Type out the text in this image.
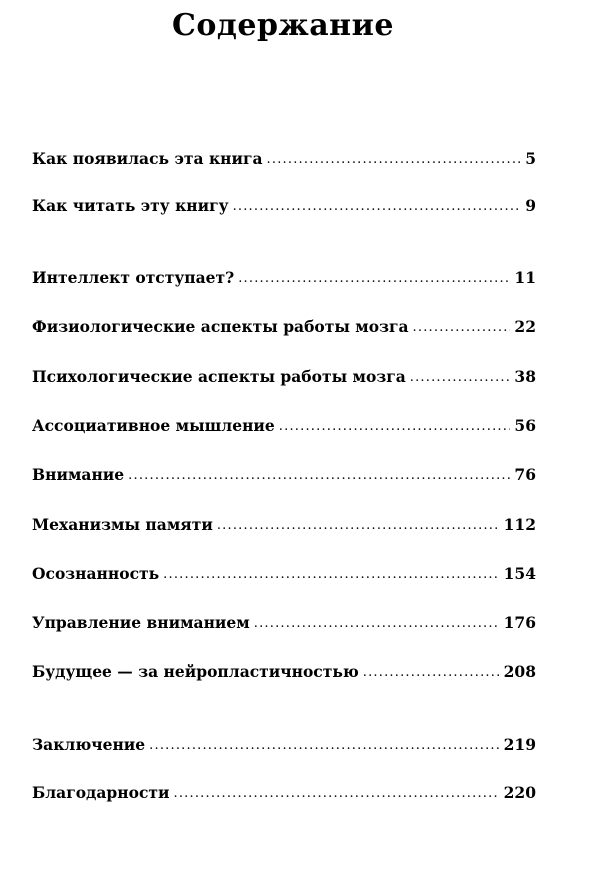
Содержание
Как появилась эта книга .....	5
Как читать эту книгу .....	9
Интеллект отступает? .....	11
Физиологические аспекты работы мозга .....	22
Психологические аспекты работы мозга .....	38
Ассоциативное мышление .....	56
Внимание .....	76
Механизмы памяти .....	112
Осознанность .....	154
Управление вниманием .....	176
Будущее — за нейропластичностью .....	208
Заключение .....	219
Благодарности .....	220
